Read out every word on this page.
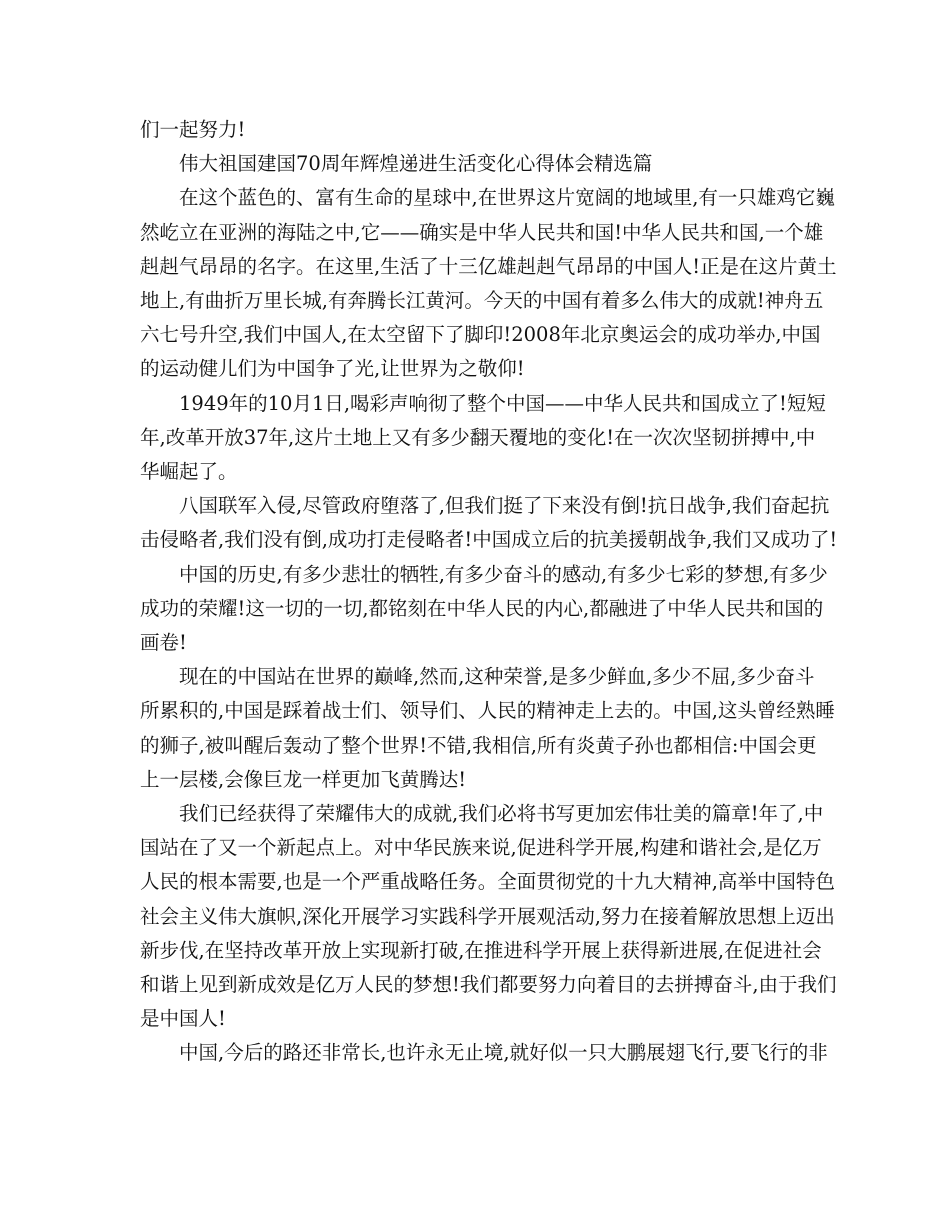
们一起努力!
伟大祖国建国70周年辉煌递进生活变化心得体会精选篇
在这个蓝色的、富有生命的星球中,在世界这片宽阔的地域里,有一只雄鸡它巍
然屹立在亚洲的海陆之中,它——确实是中华人民共和国!中华人民共和国,一个雄
赳赳气昂昂的名字。在这里,生活了十三亿雄赳赳气昂昂的中国人!正是在这片黄土
地上,有曲折万里长城,有奔腾长江黄河。今天的中国有着多么伟大的成就!神舟五
六七号升空,我们中国人,在太空留下了脚印!2008年北京奥运会的成功举办,中国
的运动健儿们为中国争了光,让世界为之敬仰!
1949年的10月1日,喝彩声响彻了整个中国——中华人民共和国成立了!短短
年,改革开放37年,这片土地上又有多少翻天覆地的变化!在一次次坚韧拼搏中,中
华崛起了。
八国联军入侵,尽管政府堕落了,但我们挺了下来没有倒!抗日战争,我们奋起抗
击侵略者,我们没有倒,成功打走侵略者!中国成立后的抗美援朝战争,我们又成功了!
中国的历史,有多少悲壮的牺牲,有多少奋斗的感动,有多少七彩的梦想,有多少
成功的荣耀!这一切的一切,都铭刻在中华人民的内心,都融进了中华人民共和国的
画卷!
现在的中国站在世界的巅峰,然而,这种荣誉,是多少鲜血,多少不屈,多少奋斗
所累积的,中国是踩着战士们、领导们、人民的精神走上去的。中国,这头曾经熟睡
的狮子,被叫醒后轰动了整个世界!不错,我相信,所有炎黄子孙也都相信:中国会更
上一层楼,会像巨龙一样更加飞黄腾达!
我们已经获得了荣耀伟大的成就,我们必将书写更加宏伟壮美的篇章!年了,中
国站在了又一个新起点上。对中华民族来说,促进科学开展,构建和谐社会,是亿万
人民的根本需要,也是一个严重战略任务。全面贯彻党的十九大精神,高举中国特色
社会主义伟大旗帜,深化开展学习实践科学开展观活动,努力在接着解放思想上迈出
新步伐,在坚持改革开放上实现新打破,在推进科学开展上获得新进展,在促进社会
和谐上见到新成效是亿万人民的梦想!我们都要努力向着目的去拼搏奋斗,由于我们
是中国人!
中国,今后的路还非常长,也许永无止境,就好似一只大鹏展翅飞行,要飞行的非
